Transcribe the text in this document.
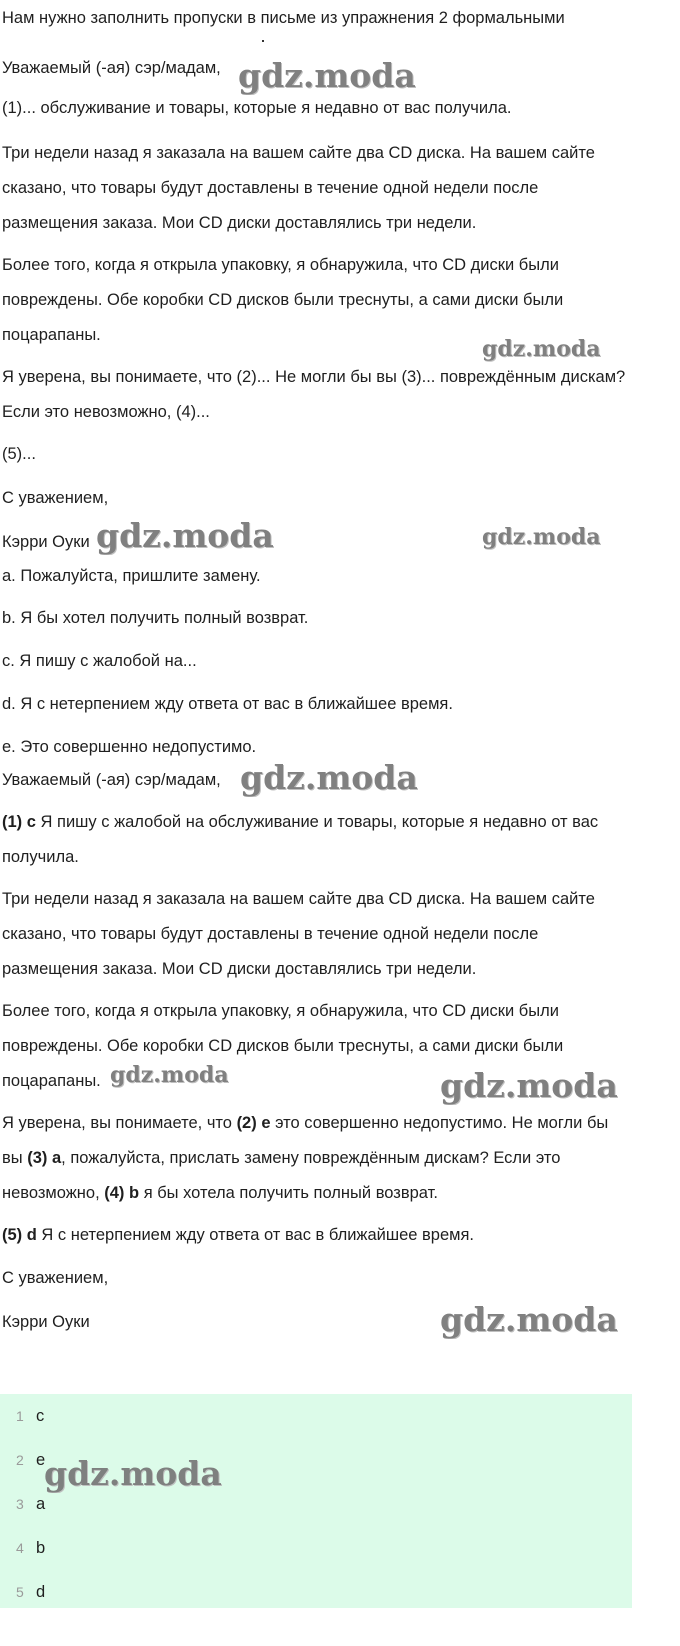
Нам нужно заполнить пропуски в письме из упражнения 2 формальными
Уважаемый (-ая) сэр/мадам,
(1)... обслуживание и товары, которые я недавно от вас получила.
Три недели назад я заказала на вашем сайте два CD диска. На вашем сайте
сказано, что товары будут доставлены в течение одной недели после
размещения заказа. Мои CD диски доставлялись три недели.
Более того, когда я открыла упаковку, я обнаружила, что CD диски были
повреждены. Обе коробки CD дисков были треснуты, а сами диски были
поцарапаны.
Я уверена, вы понимаете, что (2)... Не могли бы вы (3)... повреждённым дискам?
Если это невозможно, (4)...
(5)...
С уважением,
Кэрри Оуки
a. Пожалуйста, пришлите замену.
b. Я бы хотел получить полный возврат.
c. Я пишу с жалобой на...
d. Я с нетерпением жду ответа от вас в ближайшее время.
e. Это совершенно недопустимо.
Уважаемый (-ая) сэр/мадам,
(1) c Я пишу с жалобой на обслуживание и товары, которые я недавно от вас
получила.
Три недели назад я заказала на вашем сайте два CD диска. На вашем сайте
сказано, что товары будут доставлены в течение одной недели после
размещения заказа. Мои CD диски доставлялись три недели.
Более того, когда я открыла упаковку, я обнаружила, что CD диски были
повреждены. Обе коробки CD дисков были треснуты, а сами диски были
поцарапаны.
Я уверена, вы понимаете, что (2) e это совершенно недопустимо. Не могли бы
вы (3) a, пожалуйста, прислать замену повреждённым дискам? Если это
невозможно, (4) b я бы хотела получить полный возврат.
(5) d Я с нетерпением жду ответа от вас в ближайшее время.
С уважением,
Кэрри Оуки
1 c
2 e
3 a
4 b
5 d
gdz.moda
gdz.moda
gdz.moda	gdz.moda
gdz.moda
gdz.moda	gdz.moda
gdz.moda
gdz.moda
